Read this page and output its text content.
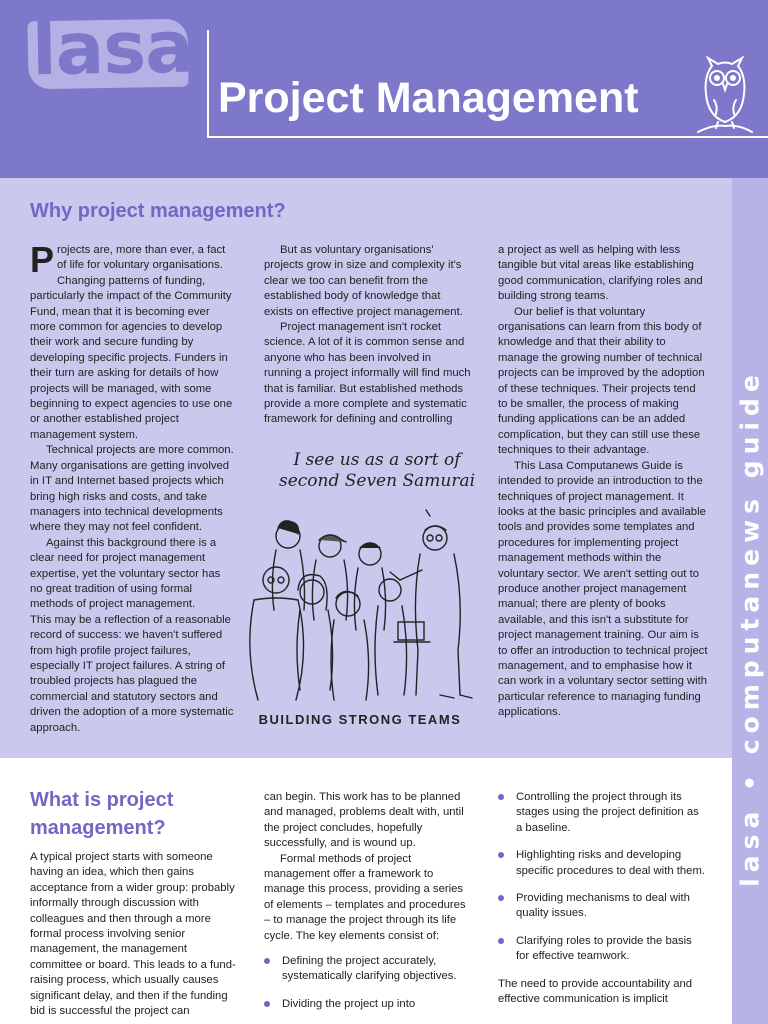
lasa
Project Management
lasa • computanews guide
Why project management?

Projects are, more than ever, a fact of life for voluntary organisations. Changing patterns of funding, particularly the impact of the Community Fund, mean that it is becoming ever more common for agencies to develop their work and secure funding by developing specific projects. Funders in their turn are asking for details of how projects will be managed, with some beginning to expect agencies to use one or another established project management system.

Technical projects are more common. Many organisations are getting involved in IT and Internet based projects which bring high risks and costs, and take managers into technical developments where they may not feel confident.

Against this background there is a clear need for project management expertise, yet the voluntary sector has no great tradition of using formal methods of project management.

This may be a reflection of a reasonable record of success: we haven't suffered from high profile project failures, especially IT project failures. A string of troubled projects has plagued the commercial and statutory sectors and driven the adoption of a more systematic approach.

But as voluntary organisations' projects grow in size and complexity it's clear we too can benefit from the established body of knowledge that exists on effective project management.

Project management isn't rocket science. A lot of it is common sense and anyone who has been involved in running a project informally will find much that is familiar. But established methods provide a more complete and systematic framework for defining and controlling

I see us as a sort of
second Seven Samurai
BUILDING STRONG TEAMS

a project as well as helping with less tangible but vital areas like establishing good communication, clarifying roles and building strong teams.

Our belief is that voluntary organisations can learn from this body of knowledge and that their ability to manage the growing number of technical projects can be improved by the adoption of these techniques. Their projects tend to be smaller, the process of making funding applications can be an added complication, but they can still use these techniques to their advantage.

This Lasa Computanews Guide is intended to provide an introduction to the techniques of project management. It looks at the basic principles and available tools and provides some templates and procedures for implementing project management methods within the voluntary sector. We aren't setting out to produce another project management manual; there are plenty of books available, and this isn't a substitute for project management training. Our aim is to offer an introduction to technical project management, and to emphasise how it can work in a voluntary sector setting with particular reference to managing funding applications.

What is project
management?

A typical project starts with someone having an idea, which then gains acceptance from a wider group: probably informally through discussion with colleagues and then through a more formal process involving senior management, the management committee or board. This leads to a fund-raising process, which usually causes significant delay, and then if the funding bid is successful the project can

can begin. This work has to be planned and managed, problems dealt with, until the project concludes, hopefully successfully, and is wound up.

Formal methods of project management offer a framework to manage this process, providing a series of elements – templates and procedures – to manage the project through its life cycle. The key elements consist of:

Defining the project accurately, systematically clarifying objectives.
Dividing the project up into
Controlling the project through its stages using the project definition as a baseline.
Highlighting risks and developing specific procedures to deal with them.
Providing mechanisms to deal with quality issues.
Clarifying roles to provide the basis for effective teamwork.

The need to provide accountability and effective communication is implicit
